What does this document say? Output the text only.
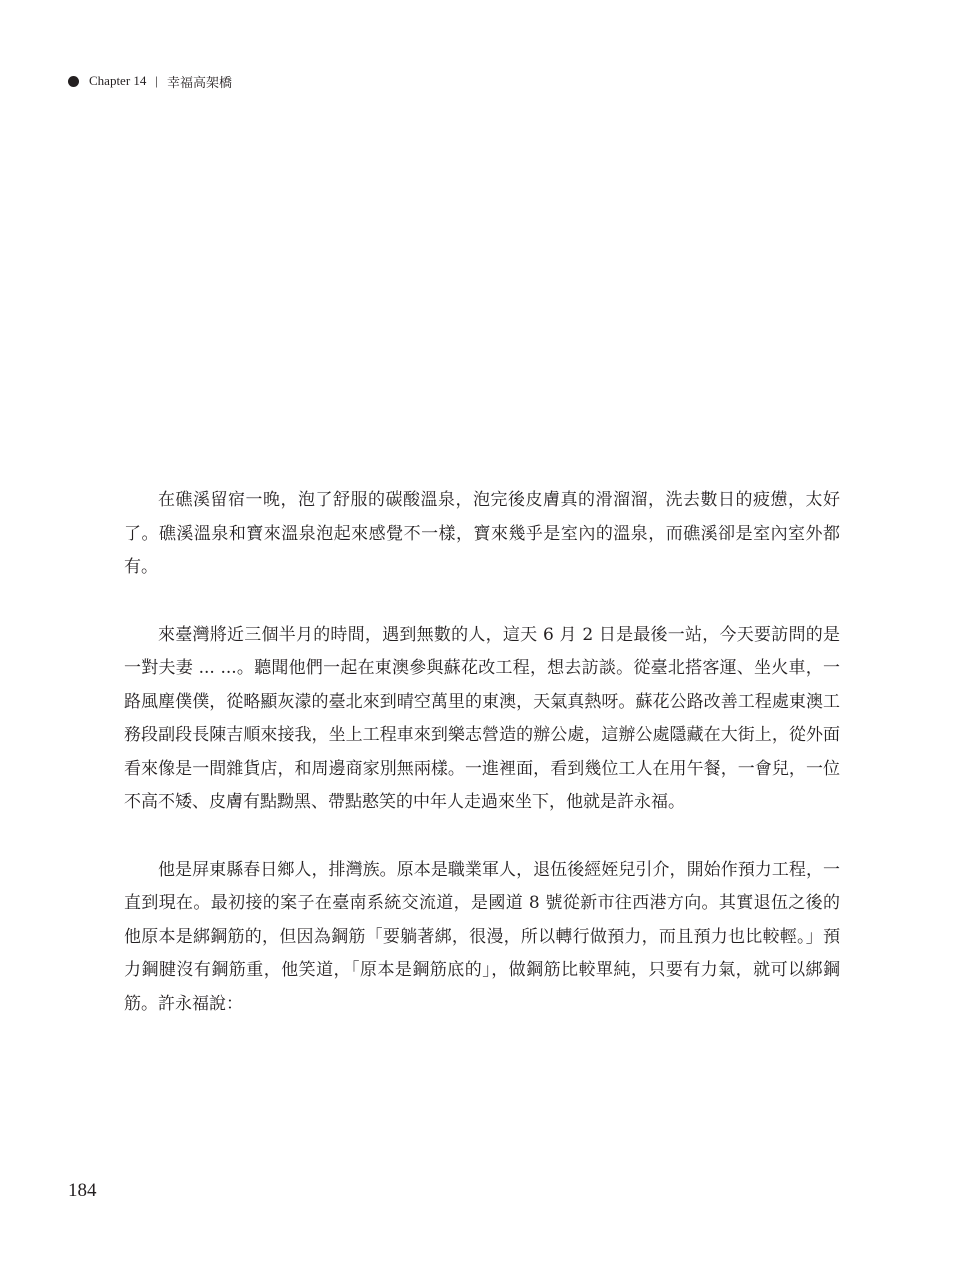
Chapter 14 | 幸福高架橋

在礁溪留宿一晚，泡了舒服的碳酸溫泉，泡完後皮膚真的滑溜溜，洗去數日的疲憊，太好了。礁溪溫泉和寶來溫泉泡起來感覺不一樣，寶來幾乎是室內的溫泉，而礁溪卻是室內室外都有。

來臺灣將近三個半月的時間，遇到無數的人，這天 6 月 2 日是最後一站，今天要訪問的是一對夫妻 ... ...。聽聞他們一起在東澳參與蘇花改工程，想去訪談。從臺北搭客運、坐火車，一路風塵僕僕，從略顯灰濛的臺北來到晴空萬里的東澳，天氣真熱呀。蘇花公路改善工程處東澳工務段副段長陳吉順來接我，坐上工程車來到樂志營造的辦公處，這辦公處隱藏在大街上，從外面看來像是一間雜貨店，和周邊商家別無兩樣。一進裡面，看到幾位工人在用午餐，一會兒，一位不高不矮、皮膚有點黝黑、帶點憨笑的中年人走過來坐下，他就是許永福。

他是屏東縣春日鄉人，排灣族。原本是職業軍人，退伍後經姪兒引介，開始作預力工程，一直到現在。最初接的案子在臺南系統交流道，是國道 8 號從新市往西港方向。其實退伍之後的他原本是綁鋼筋的，但因為鋼筋「要躺著綁，很漫，所以轉行做預力，而且預力也比較輕。」預力鋼腱沒有鋼筋重，他笑道，「原本是鋼筋底的」，做鋼筋比較單純，只要有力氣，就可以綁鋼筋。許永福說：

184
